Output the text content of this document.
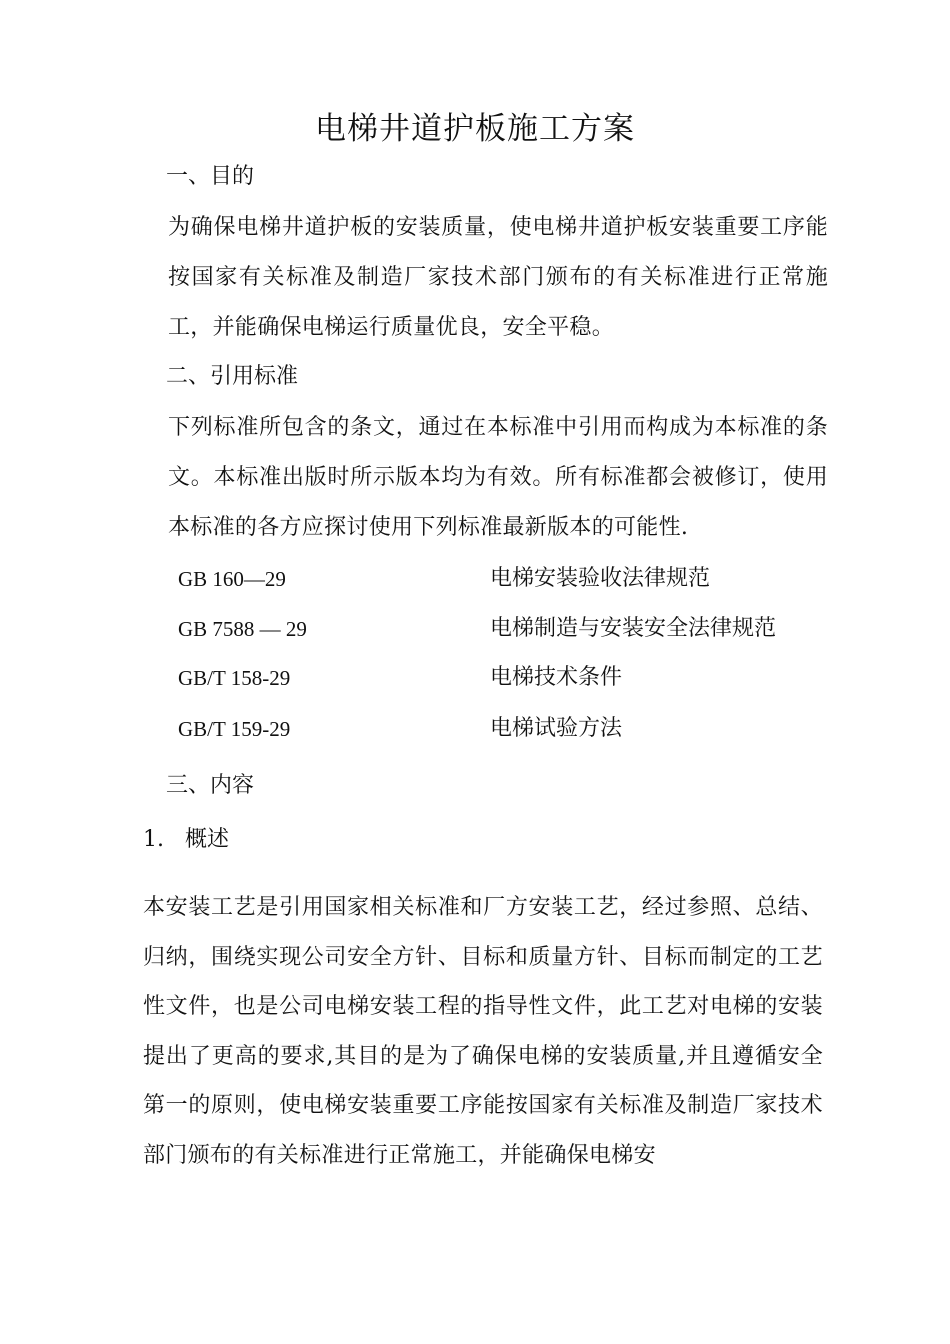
电梯井道护板施工方案
一、目的
为确保电梯井道护板的安装质量，使电梯井道护板安装重要工序能按国家有关标准及制造厂家技术部门颁布的有关标准进行正常施工，并能确保电梯运行质量优良，安全平稳。
二、引用标准
下列标准所包含的条文，通过在本标准中引用而构成为本标准的条文。本标准出版时所示版本均为有效。所有标准都会被修订，使用本标准的各方应探讨使用下列标准最新版本的可能性.
GB 160—29	电梯安装验收法律规范
GB 7588 — 29	电梯制造与安装安全法律规范
GB/T 158-29	电梯技术条件
GB/T 159-29	电梯试验方法
三、内容
1.   概述
本安装工艺是引用国家相关标准和厂方安装工艺，经过参照、总结、归纳，围绕实现公司安全方针、目标和质量方针、目标而制定的工艺性文件，也是公司电梯安装工程的指导性文件，此工艺对电梯的安装提出了更高的要求,其目的是为了确保电梯的安装质量,并且遵循安全第一的原则，使电梯安装重要工序能按国家有关标准及制造厂家技术部门颁布的有关标准进行正常施工，并能确保电梯安
